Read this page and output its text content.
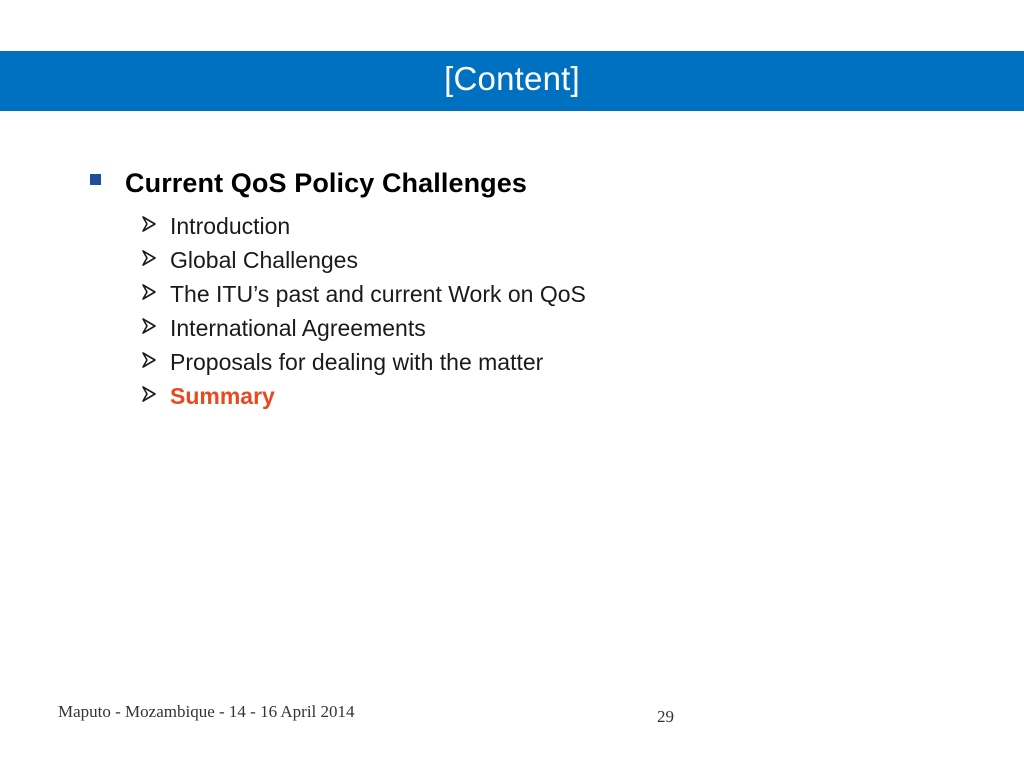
[Content]
Current QoS Policy Challenges
Introduction
Global Challenges
The ITU’s past and current Work on QoS
International Agreements
Proposals for dealing with the matter
Summary
Maputo - Mozambique - 14 - 16 April 2014	29
